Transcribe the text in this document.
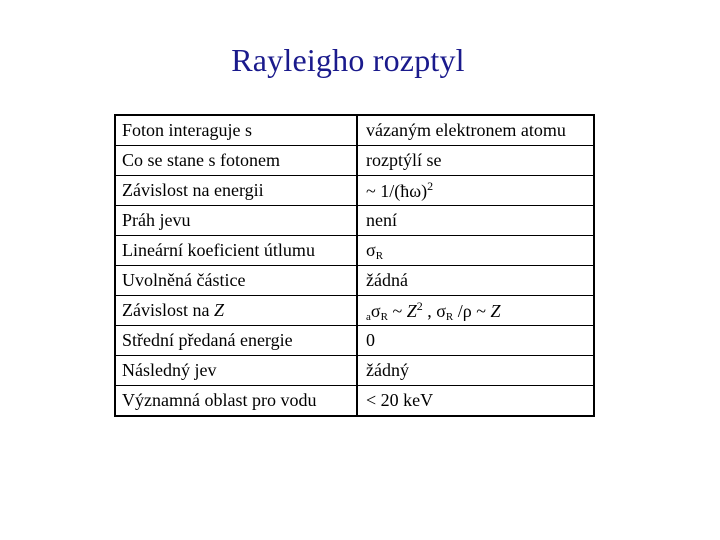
Rayleigho rozptyl
Foton interaguje s	vázaným elektronem atomu
Co se stane s fotonem	rozptýlí se
Závislost na energii	~ 1/(ħω)$^2$
Práh jevu	není
Lineární koeficient útlumu	$\sigma_R$
Uvolněná částice	žádná
Závislost na Z	$a\sigma_R$ ~ $Z^2$ , $\sigma_R$ /ρ ~ Z
Střední předaná energie	0
Následný jev	žádný
Významná oblast pro vodu	< 20 keV
